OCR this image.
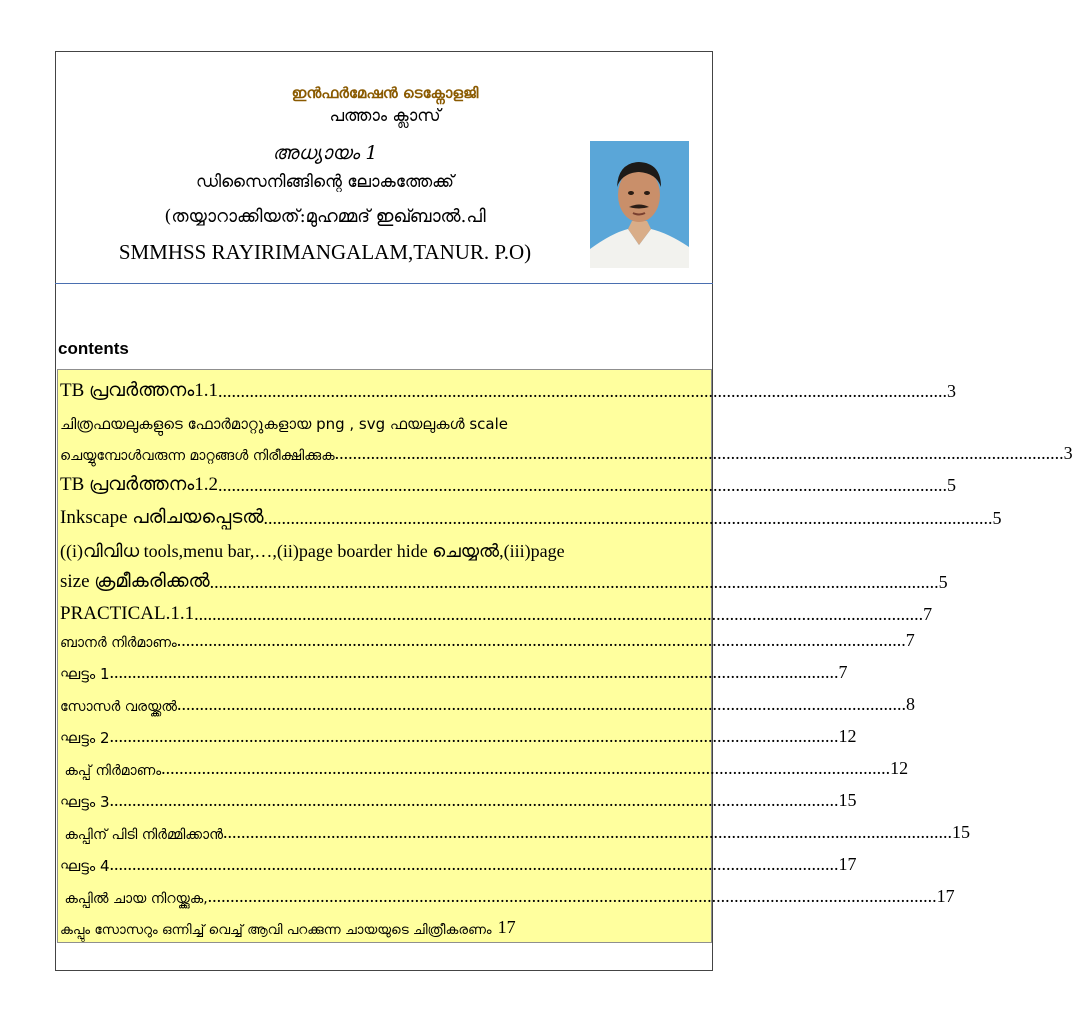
ഇൻഫർമേഷൻ ടെക്നോളജി
പത്താം ക്ലാസ്
അധ്യായം 1
ഡിസൈനിങ്ങിന്റെ ലോകത്തേക്ക്
(തയ്യാറാക്കിയത്:മുഹമ്മദ് ഇഖ്ബാൽ.പി
SMMHSS RAYIRIMANGALAM,TANUR. P.O)
contents
TB പ്രവർത്തനം1.1 .................................................................................................................................................................. 3
ചിത്രഫയലുകളുടെ ഫോർമാറ്റുകളായ png , svg ഫയലുകൾ scale
ചെയ്യുമ്പോൾവരുന്ന മാറ്റങ്ങൾ നിരീക്ഷിക്കുക .................................................................................................................................................................. 3
TB പ്രവർത്തനം1.2 .................................................................................................................................................................. 5
Inkscape പരിചയപ്പെടൽ .................................................................................................................................................................. 5
((i)വിവിധ tools,menu bar,…,(ii)page boarder hide ചെയ്യൽ,(iii)page
size ക്രമീകരിക്കൽ .................................................................................................................................................................. 5
PRACTICAL.1.1 .................................................................................................................................................................. 7
ബാനർ നിർമാണം .................................................................................................................................................................. 7
ഘട്ടം 1 .................................................................................................................................................................. 7
സോസർ വരയ്ക്കൽ .................................................................................................................................................................. 8
ഘട്ടം 2 .................................................................................................................................................................. 12
കപ്പ് നിർമാണം .................................................................................................................................................................. 12
ഘട്ടം 3 .................................................................................................................................................................. 15
കപ്പിന് പിടി നിർമ്മിക്കാൻ .................................................................................................................................................................. 15
ഘട്ടം 4 .................................................................................................................................................................. 17
കപ്പിൽ ചായ നിറയ്ക്കുക, .................................................................................................................................................................. 17
കപ്പും സോസറും ഒന്നിച്ച് വെച്ച് ആവി പറക്കുന്ന ചായയുടെ ചിത്രീകരണം 17
